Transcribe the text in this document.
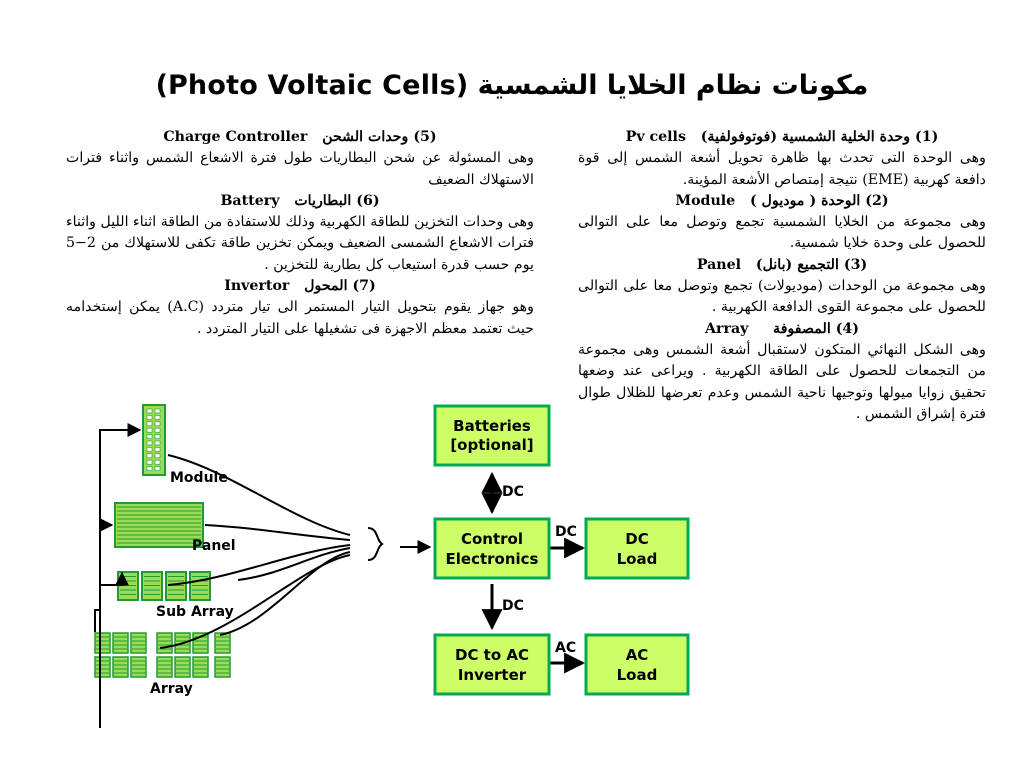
مكونات نظام الخلايا الشمسية (Photo Voltaic Cells)

(1) وحدة الخلية الشمسية (فوتوفولفية)   Pv cells

وهى الوحدة التى تحدث بها ظاهرة تحويل أشعة الشمس إلى قوة دافعة كهربية (EME) نتيجة إمتصاص الأشعة المؤينة.

(2) الوحدة ( موديول )   Module

وهى مجموعة من الخلايا الشمسية تجمع وتوصل معا على التوالى للحصول على وحدة خلايا شمسية.

(3) التجميع (بانل)   Panel

وهى مجموعة من الوحدات (موديولات) تجمع وتوصل معا على التوالى للحصول على مجموعة القوى الدافعة الكهربية .

(4) المصفوفة     Array

وهى الشكل النهائي المتكون لاستقبال أشعة الشمس وهى مجموعة من التجمعات للحصول على الطاقة الكهربية . ويراعى عند وضعها تحقيق زوايا ميولها وتوجيها ناحية الشمس وعدم تعرضها للظلال طوال فترة إشراق الشمس .

(5) وحدات الشحن   Charge Controller

وهى المسئولة عن شحن البطاريات طول فترة الاشعاع الشمس واثناء فترات الاستهلاك الضعيف

(6) البطاريات   Battery

وهى وحدات التخزين للطاقة الكهربية وذلك للاستفادة من الطاقة اثناء الليل واثناء فترات الاشعاع الشمسى الضعيف ويمكن تخزين طاقة تكفى للاستهلاك من 2−5 يوم حسب قدرة استيعاب كل بطارية للتخزين .

(7) المحول   Invertor

وهو جهاز يقوم بتحويل التيار المستمر الى تيار متردد (A.C) يمكن إستخدامه حيث تعتمد معظم الاجهزة فى تشغيلها على التيار المتردد .

DC
DC
DC
AC
Batteries
[optional]
Control
Electronics
DC
Load
DC to AC
Inverter
AC
Load
Module
Panel
Sub Array
Array
